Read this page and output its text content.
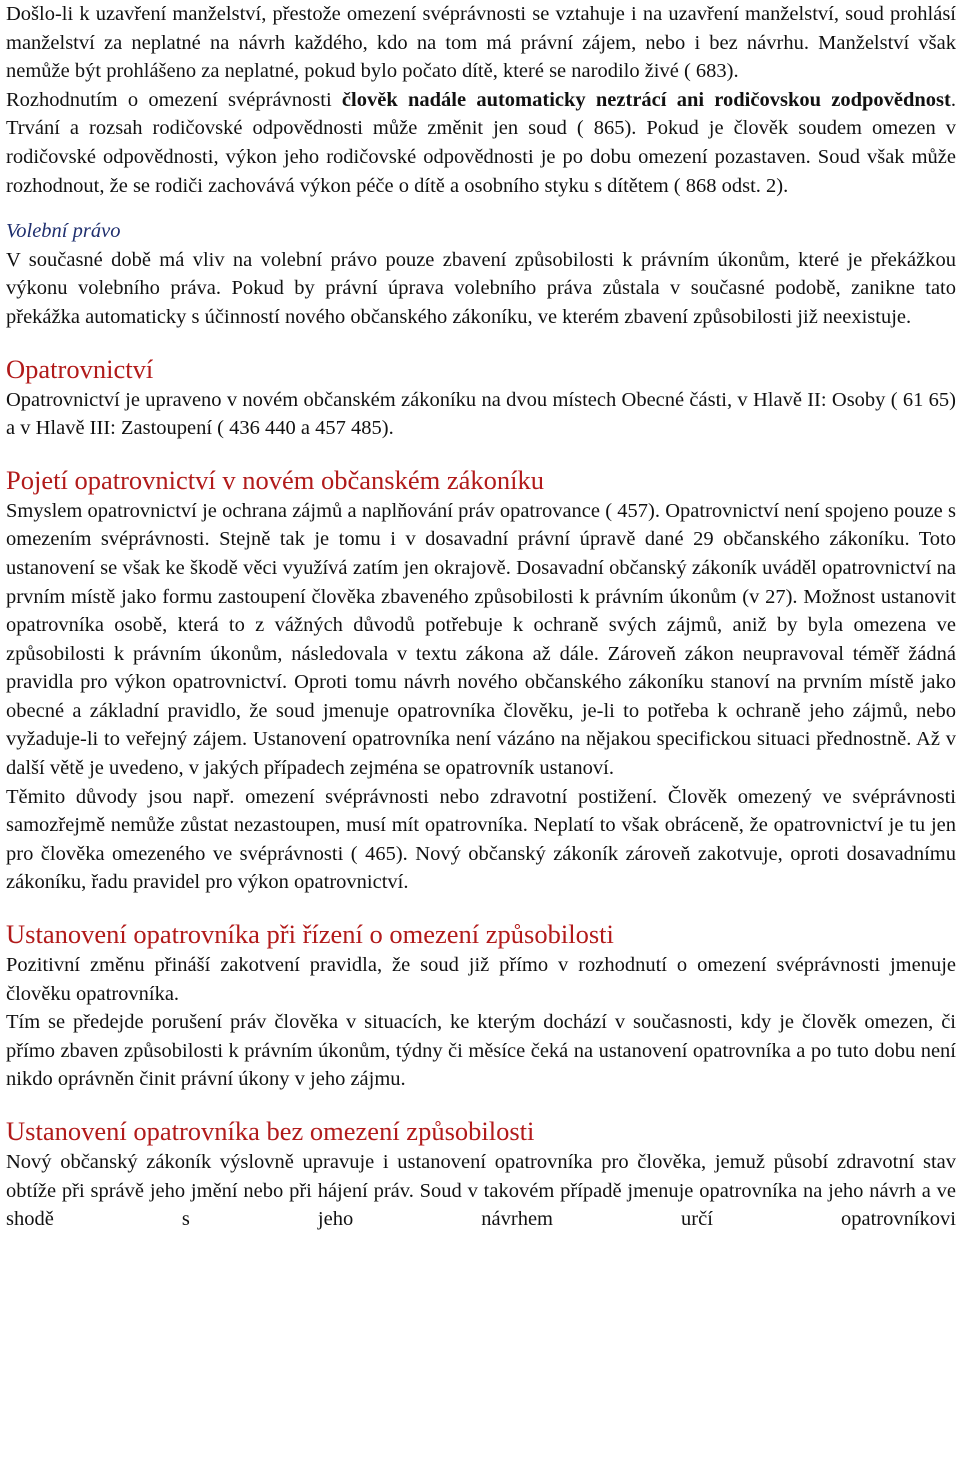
Došlo-li k uzavření manželství, přestože omezení svéprávnosti se vztahuje i na uzavření manželství, soud prohlásí manželství za neplatné na návrh každého, kdo na tom má právní zájem, nebo i bez návrhu. Manželství však nemůže být prohlášeno za neplatné, pokud bylo počato dítě, které se narodilo živé ( 683).

Rozhodnutím o omezení svéprávnosti člověk nadále automaticky neztrácí ani rodičovskou zodpovědnost. Trvání a rozsah rodičovské odpovědnosti může změnit jen soud ( 865). Pokud je člověk soudem omezen v rodičovské odpovědnosti, výkon jeho rodičovské odpovědnosti je po dobu omezení pozastaven. Soud však může rozhodnout, že se rodiči zachovává výkon péče o dítě a osobního styku s dítětem ( 868 odst. 2).

Volební právo

V současné době má vliv na volební právo pouze zbavení způsobilosti k právním úkonům, které je překážkou výkonu volebního práva. Pokud by právní úprava volebního práva zůstala v současné podobě, zanikne tato překážka automaticky s účinností nového občanského zákoníku, ve kterém zbavení způsobilosti již neexistuje.

Opatrovnictví

Opatrovnictví je upraveno v novém občanském zákoníku na dvou místech Obecné části, v Hlavě II: Osoby ( 61 65) a v Hlavě III: Zastoupení ( 436 440 a 457 485).

Pojetí opatrovnictví v novém občanském zákoníku

Smyslem opatrovnictví je ochrana zájmů a naplňování práv opatrovance ( 457). Opatrovnictví není spojeno pouze s omezením svéprávnosti. Stejně tak je tomu i v dosavadní právní úpravě dané 29 občanského zákoníku. Toto ustanovení se však ke škodě věci využívá zatím jen okrajově. Dosavadní občanský zákoník uváděl opatrovnictví na prvním místě jako formu zastoupení člověka zbaveného způsobilosti k právním úkonům (v 27). Možnost ustanovit opatrovníka osobě, která to z vážných důvodů potřebuje k ochraně svých zájmů, aniž by byla omezena ve způsobilosti k právním úkonům, následovala v textu zákona až dále. Zároveň zákon neupravoval téměř žádná pravidla pro výkon opatrovnictví. Oproti tomu návrh nového občanského zákoníku stanoví na prvním místě jako obecné a základní pravidlo, že soud jmenuje opatrovníka člověku, je-li to potřeba k ochraně jeho zájmů, nebo vyžaduje-li to veřejný zájem. Ustanovení opatrovníka není vázáno na nějakou specifickou situaci přednostně. Až v další větě je uvedeno, v jakých případech zejména se opatrovník ustanoví.

Těmito důvody jsou např. omezení svéprávnosti nebo zdravotní postižení. Člověk omezený ve svéprávnosti samozřejmě nemůže zůstat nezastoupen, musí mít opatrovníka. Neplatí to však obráceně, že opatrovnictví je tu jen pro člověka omezeného ve svéprávnosti ( 465). Nový občanský zákoník zároveň zakotvuje, oproti dosavadnímu zákoníku, řadu pravidel pro výkon opatrovnictví.

Ustanovení opatrovníka při řízení o omezení způsobilosti

Pozitivní změnu přináší zakotvení pravidla, že soud již přímo v rozhodnutí o omezení svéprávnosti jmenuje člověku opatrovníka.

Tím se předejde porušení práv člověka v situacích, ke kterým dochází v současnosti, kdy je člověk omezen, či přímo zbaven způsobilosti k právním úkonům, týdny či měsíce čeká na ustanovení opatrovníka a po tuto dobu není nikdo oprávněn činit právní úkony v jeho zájmu.

Ustanovení opatrovníka bez omezení způsobilosti

Nový občanský zákoník výslovně upravuje i ustanovení opatrovníka pro člověka, jemuž působí zdravotní stav obtíže při správě jeho jmění nebo při hájení práv. Soud v takovém případě jmenuje opatrovníka na jeho návrh a ve shodě s jeho návrhem určí opatrovníkovi
